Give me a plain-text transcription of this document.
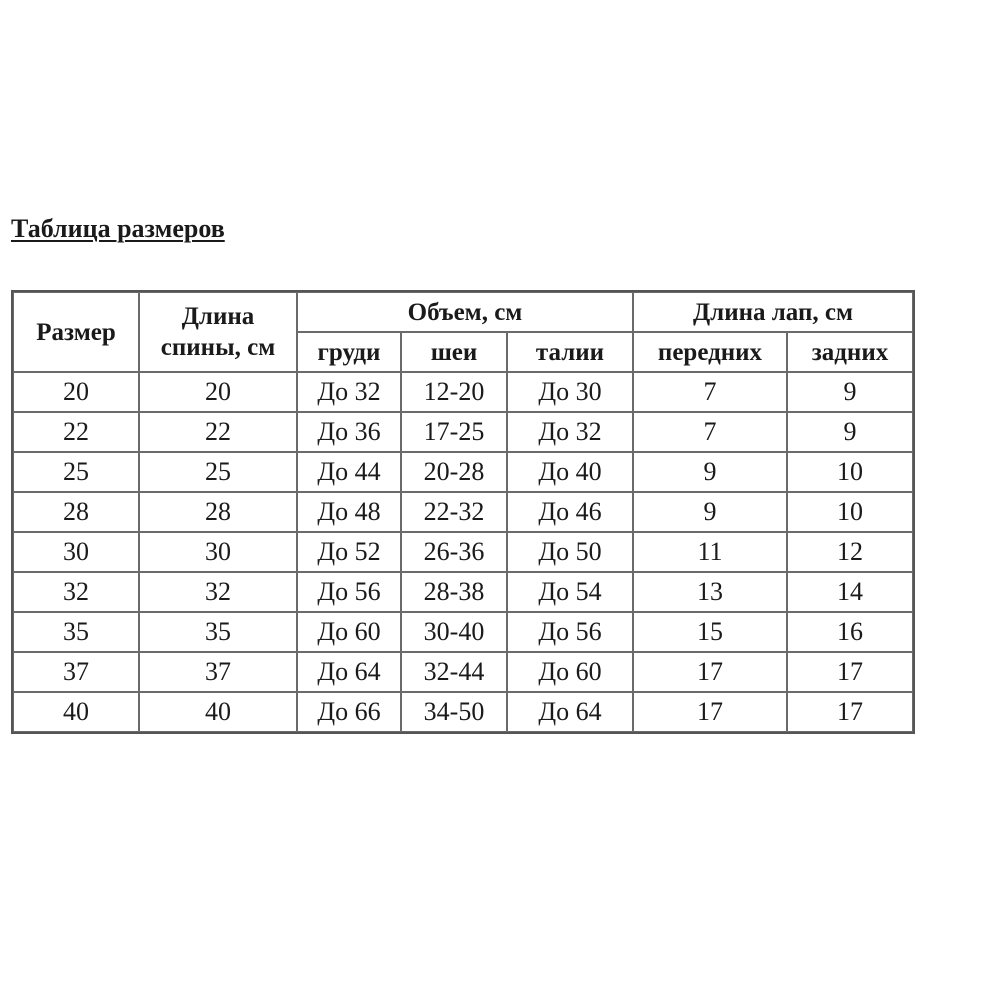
Таблица размеров
Размер	Длина спины, см	Объем, см			Длина лап, см	
		груди	шеи	талии	передних	задних
20	20	До 32	12-20	До 30	7	9
22	22	До 36	17-25	До 32	7	9
25	25	До 44	20-28	До 40	9	10
28	28	До 48	22-32	До 46	9	10
30	30	До 52	26-36	До 50	11	12
32	32	До 56	28-38	До 54	13	14
35	35	До 60	30-40	До 56	15	16
37	37	До 64	32-44	До 60	17	17
40	40	До 66	34-50	До 64	17	17
